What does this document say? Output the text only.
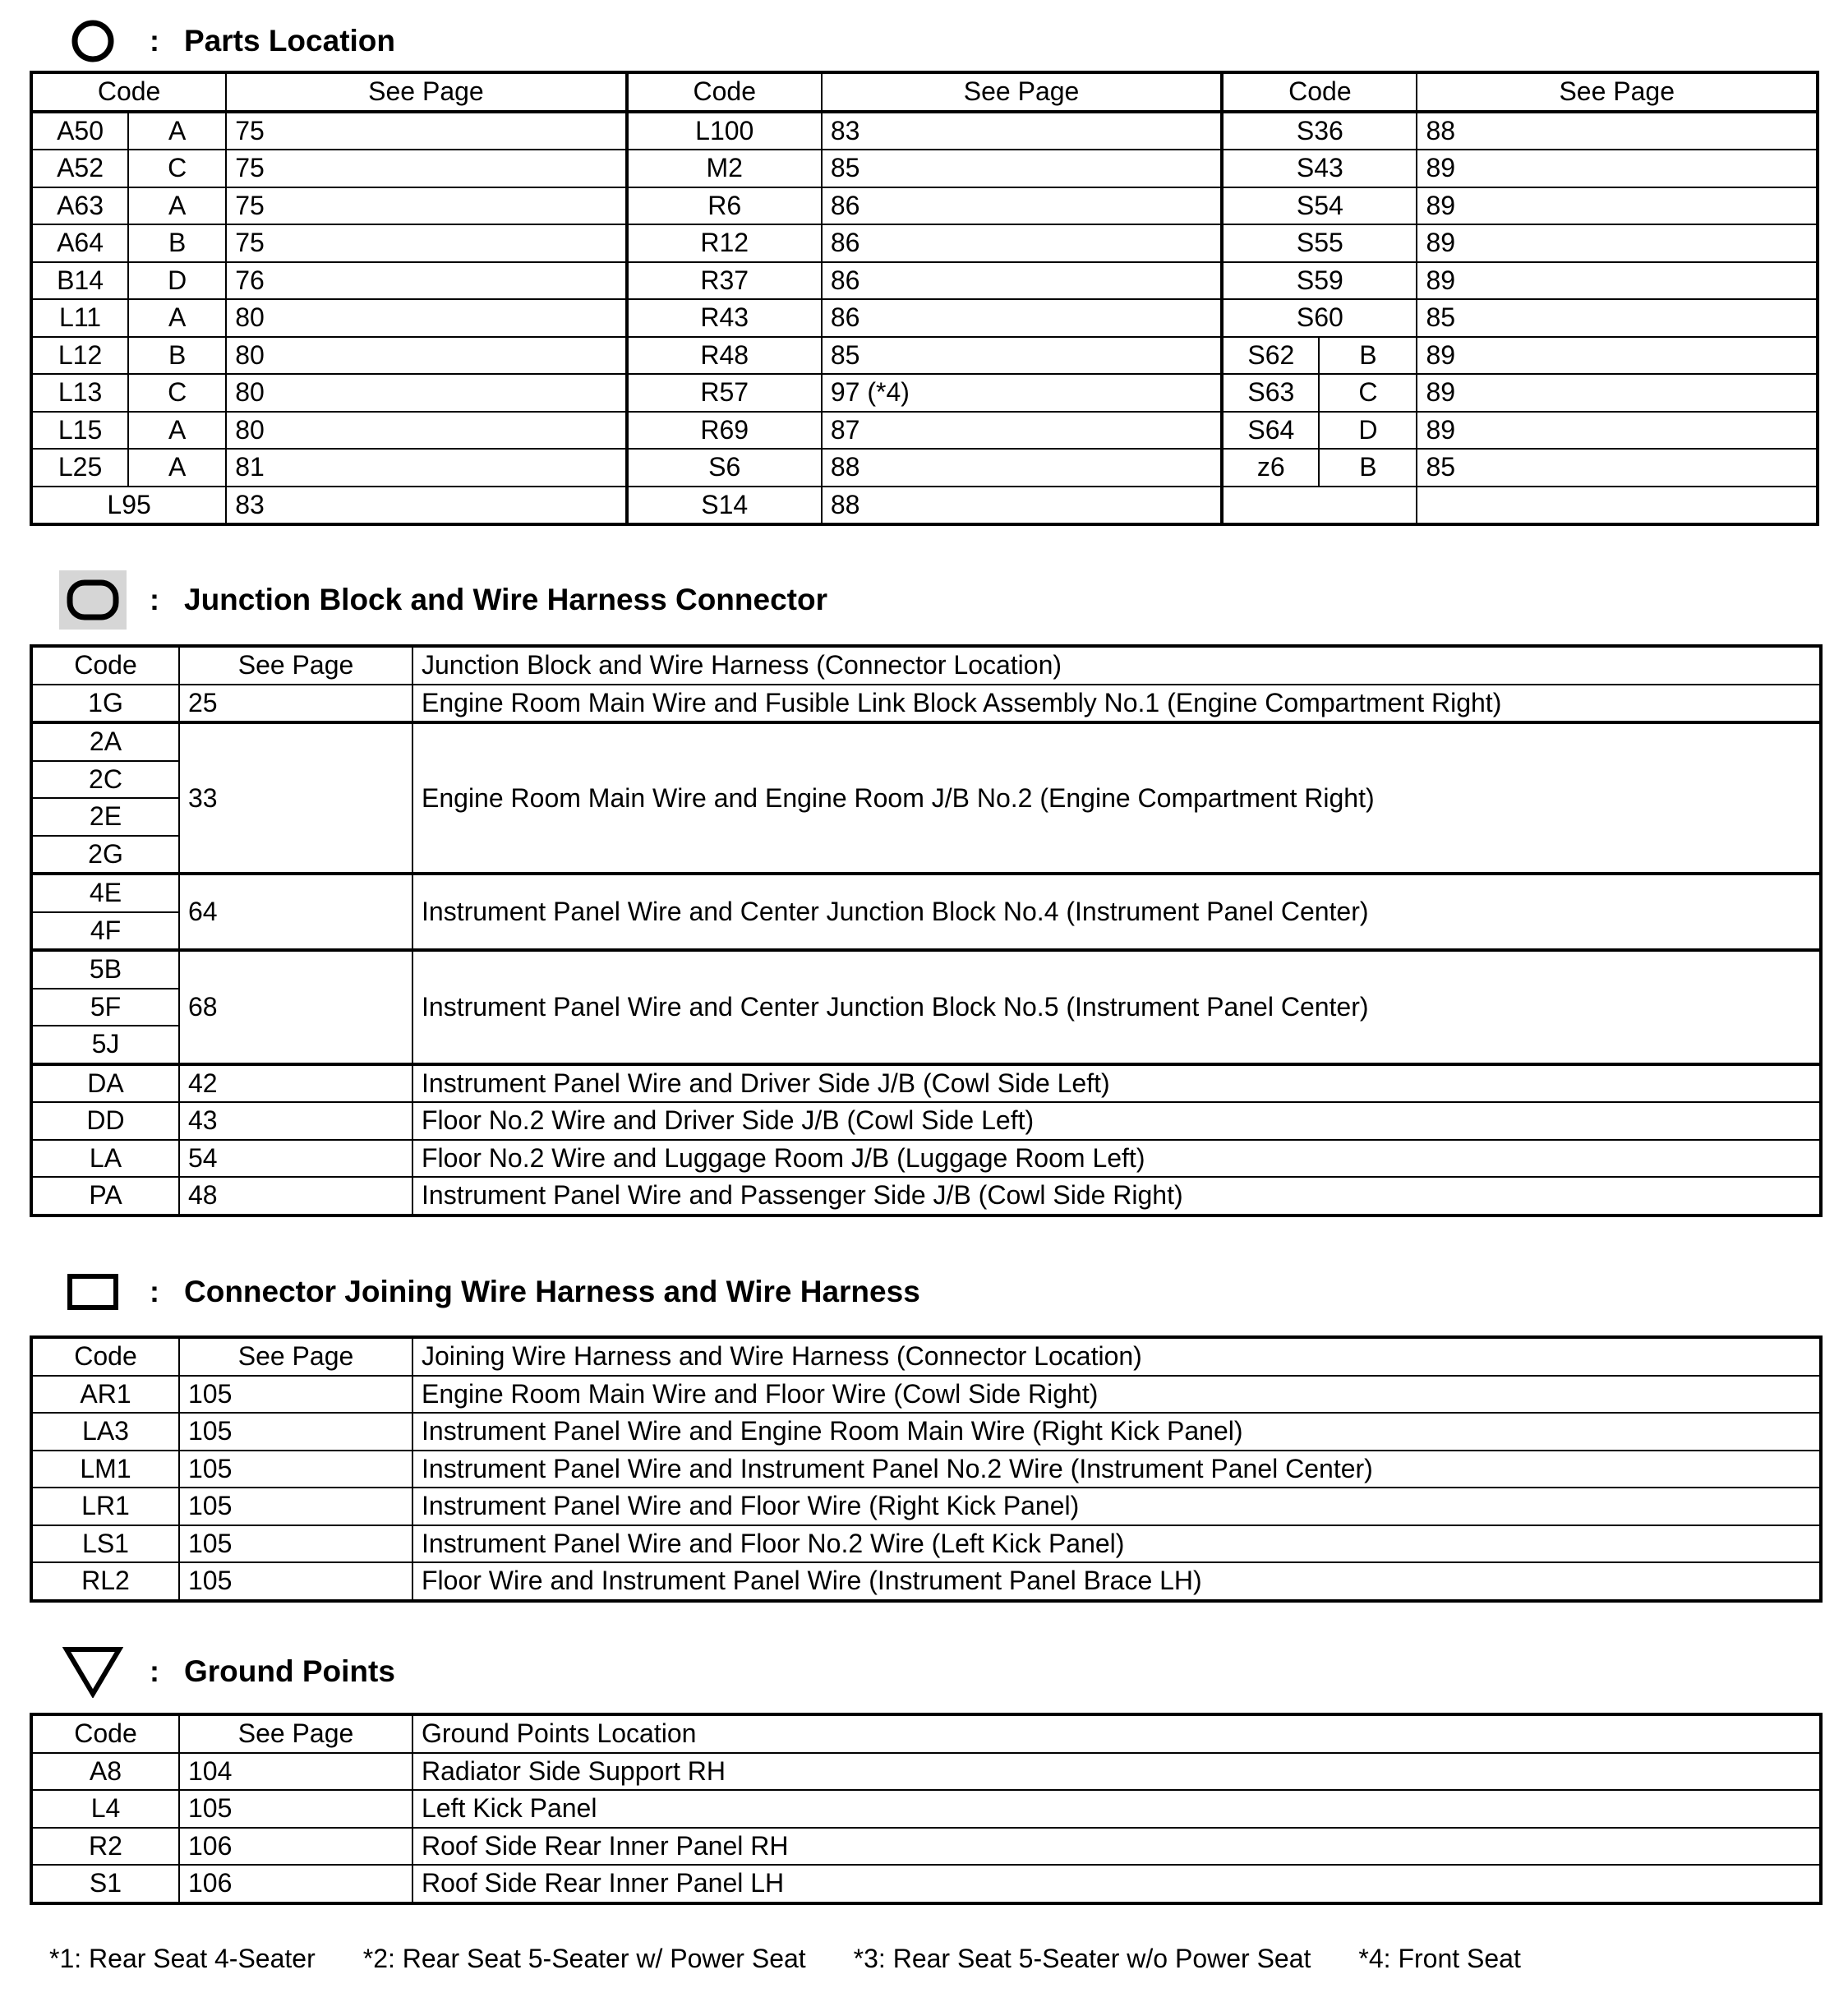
: Parts Location
Code		See Page	Code	See Page	Code		See Page
A50	A	75	L100	83	S36		88
A52	C	75	M2	85	S43		89
A63	A	75	R6	86	S54		89
A64	B	75	R12	86	S55		89
B14	D	76	R37	86	S59		89
L11	A	80	R43	86	S60		85
L12	B	80	R48	85	S62	B	89
L13	C	80	R57	97 (*4)	S63	C	89
L15	A	80	R69	87	S64	D	89
L25	A	81	S6	88	z6	B	85
L95		83	S14	88			
: Junction Block and Wire Harness Connector
Code	See Page	Junction Block and Wire Harness (Connector Location)
1G	25	Engine Room Main Wire and Fusible Link Block Assembly No.1 (Engine Compartment Right)
2A	33	Engine Room Main Wire and Engine Room J/B No.2 (Engine Compartment Right)
2C		
2E		
2G		
4E	64	Instrument Panel Wire and Center Junction Block No.4 (Instrument Panel Center)
4F		
5B	68	Instrument Panel Wire and Center Junction Block No.5 (Instrument Panel Center)
5F		
5J		
DA	42	Instrument Panel Wire and Driver Side J/B (Cowl Side Left)
DD	43	Floor No.2 Wire and Driver Side J/B (Cowl Side Left)
LA	54	Floor No.2 Wire and Luggage Room J/B (Luggage Room Left)
PA	48	Instrument Panel Wire and Passenger Side J/B (Cowl Side Right)
: Connector Joining Wire Harness and Wire Harness
Code	See Page	Joining Wire Harness and Wire Harness (Connector Location)
AR1	105	Engine Room Main Wire and Floor Wire (Cowl Side Right)
LA3	105	Instrument Panel Wire and Engine Room Main Wire (Right Kick Panel)
LM1	105	Instrument Panel Wire and Instrument Panel No.2 Wire (Instrument Panel Center)
LR1	105	Instrument Panel Wire and Floor Wire (Right Kick Panel)
LS1	105	Instrument Panel Wire and Floor No.2 Wire (Left Kick Panel)
RL2	105	Floor Wire and Instrument Panel Wire (Instrument Panel Brace LH)
: Ground Points
Code	See Page	Ground Points Location
A8	104	Radiator Side Support RH
L4	105	Left Kick Panel
R2	106	Roof Side Rear Inner Panel RH
S1	106	Roof Side Rear Inner Panel LH
*1: Rear Seat 4-Seater *2: Rear Seat 5-Seater w/ Power Seat *3: Rear Seat 5-Seater w/o Power Seat *4: Front Seat
